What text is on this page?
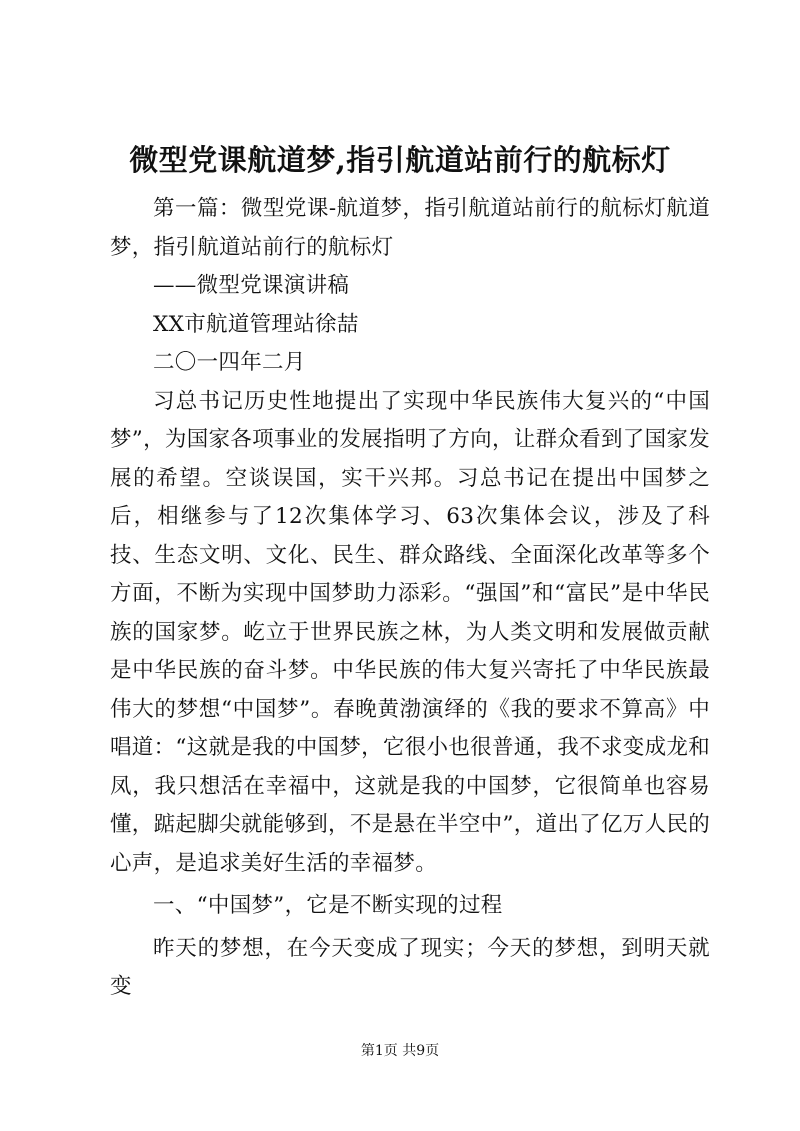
微型党课航道梦,指引航道站前行的航标灯

第一篇：微型党课-航道梦，指引航道站前行的航标灯航道梦，指引航道站前行的航标灯

——微型党课演讲稿

XX市航道管理站徐喆

二〇一四年二月

习总书记历史性地提出了实现中华民族伟大复兴的“中国梦”，为国家各项事业的发展指明了方向，让群众看到了国家发展的希望。空谈误国，实干兴邦。习总书记在提出中国梦之后，相继参与了12次集体学习、63次集体会议，涉及了科技、生态文明、文化、民生、群众路线、全面深化改革等多个方面，不断为实现中国梦助力添彩。“强国”和“富民”是中华民族的国家梦。屹立于世界民族之林，为人类文明和发展做贡献是中华民族的奋斗梦。中华民族的伟大复兴寄托了中华民族最伟大的梦想“中国梦”。春晚黄渤演绎的《我的要求不算高》中唱道：“这就是我的中国梦，它很小也很普通，我不求变成龙和凤，我只想活在幸福中，这就是我的中国梦，它很简单也容易懂，踮起脚尖就能够到，不是悬在半空中”，道出了亿万人民的心声，是追求美好生活的幸福梦。

一、“中国梦”，它是不断实现的过程

昨天的梦想，在今天变成了现实；今天的梦想，到明天就变

第1页 共9页
